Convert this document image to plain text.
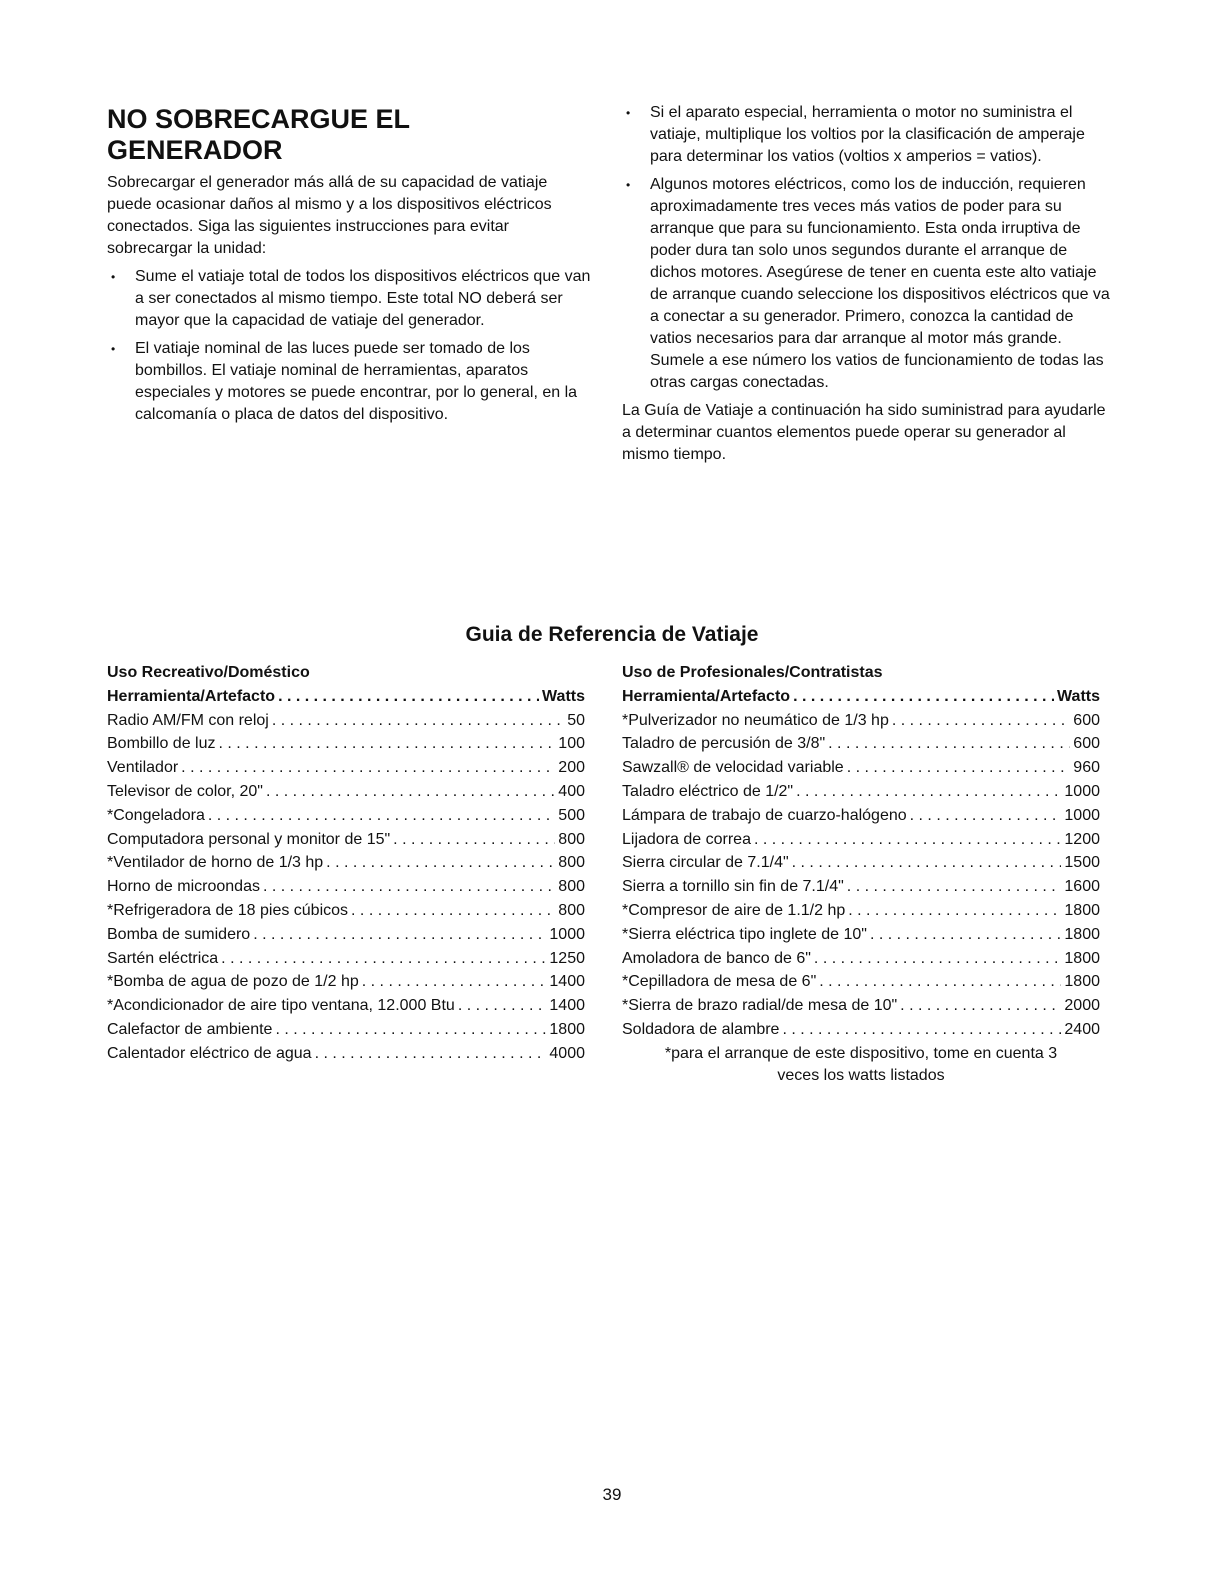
NO SOBRECARGUE EL GENERADOR

Sobrecargar el generador más allá de su capacidad de vatiaje puede ocasionar daños al mismo y a los dispositivos eléctricos conectados. Siga las siguientes instrucciones para evitar sobrecargar la unidad:

• Sume el vatiaje total de todos los dispositivos eléctricos que van a ser conectados al mismo tiempo. Este total NO deberá ser mayor que la capacidad de vatiaje del generador.
• El vatiaje nominal de las luces puede ser tomado de los bombillos. El vatiaje nominal de herramientas, aparatos especiales y motores se puede encontrar, por lo general, en la calcomanía o placa de datos del dispositivo.
• Si el aparato especial, herramienta o motor no suministra el vatiaje, multiplique los voltios por la clasificación de amperaje para determinar los vatios (voltios x amperios = vatios).
• Algunos motores eléctricos, como los de inducción, requieren aproximadamente tres veces más vatios de poder para su arranque que para su funcionamiento. Esta onda irruptiva de poder dura tan solo unos segundos durante el arranque de dichos motores. Asegúrese de tener en cuenta este alto vatiaje de arranque cuando seleccione los dispositivos eléctricos que va a conectar a su generador. Primero, conozca la cantidad de vatios necesarios para dar arranque al motor más grande. Sumele a ese número los vatios de funcionamiento de todas las otras cargas conectadas.

La Guía de Vatiaje a continuación ha sido suministrad para ayudarle a determinar cuantos elementos puede operar su generador al mismo tiempo.

Guia de Referencia de Vatiaje
Uso Recreativo/Doméstico
Herramienta/Artefacto . . .	Watts
Radio AM/FM con reloj . . .	50
Bombillo de luz . . .	100
Ventilador . . .	200
Televisor de color, 20" . . .	400
*Congeladora . . .	500
Computadora personal y monitor de 15" . . .	800
*Ventilador de horno de 1/3 hp . . .	800
Horno de microondas . . .	800
*Refrigeradora de 18 pies cúbicos . . .	800
Bomba de sumidero . . .	1000
Sartén eléctrica . . .	1250
*Bomba de agua de pozo de 1/2 hp . . .	1400
*Acondicionador de aire tipo ventana, 12.000 Btu . . .	1400
Calefactor de ambiente . . .	1800
Calentador eléctrico de agua . . .	4000
Uso de Profesionales/Contratistas
Herramienta/Artefacto . . .	Watts
*Pulverizador no neumático de 1/3 hp . . .	600
Taladro de percusión de 3/8" . . .	600
Sawzall® de velocidad variable . . .	960
Taladro eléctrico de 1/2" . . .	1000
Lámpara de trabajo de cuarzo-halógeno . . .	1000
Lijadora de correa . . .	1200
Sierra circular de 7.1/4" . . .	1500
Sierra a tornillo sin fin de 7.1/4" . . .	1600
*Compresor de aire de 1.1/2 hp . . .	1800
*Sierra eléctrica tipo inglete de 10" . . .	1800
Amoladora de banco de 6" . . .	1800
*Cepilladora de mesa de 6" . . .	1800
*Sierra de brazo radial/de mesa de 10" . . .	2000
Soldadora de alambre . . .	2400
*para el arranque de este dispositivo, tome en cuenta 3 veces los watts listados
39
